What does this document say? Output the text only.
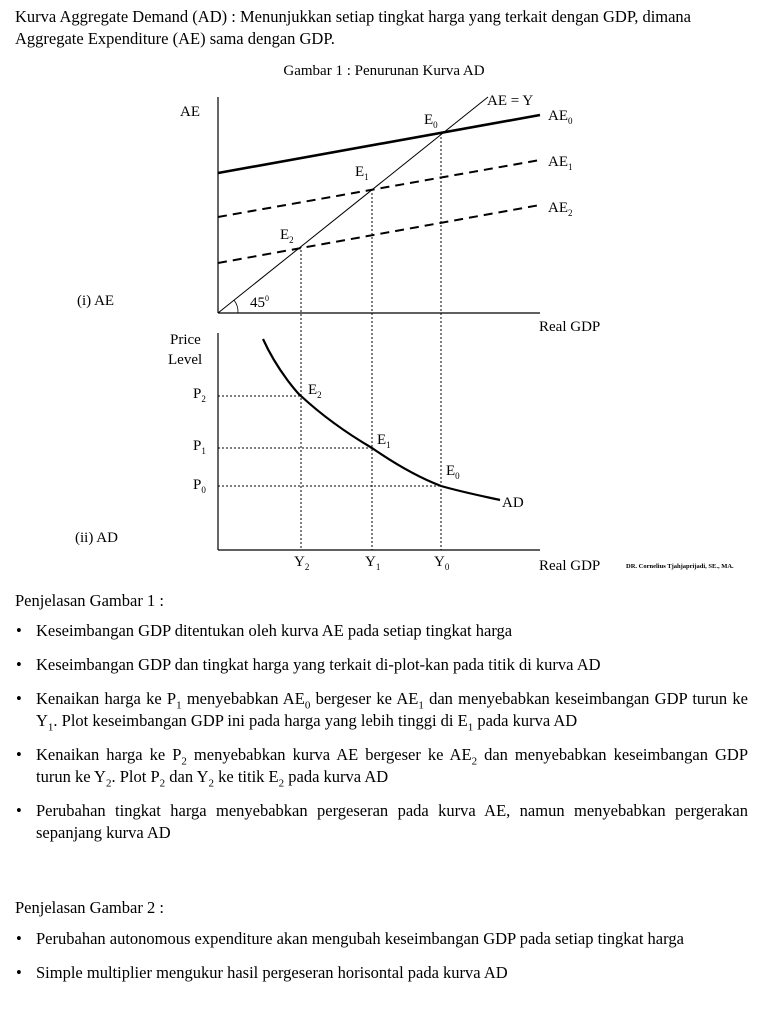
Kurva Aggregate Demand (AD) : Menunjukkan setiap tingkat harga yang terkait dengan GDP, dimana Aggregate Expenditure (AE) sama dengan GDP.

Gambar 1 : Penurunan Kurva AD

AE
Real GDP
(i) AE
AE = Y
$45^0$
$AE_0$
$AE_1$
$AE_2$
$E_0$
$E_1$
$E_2$
Price
Level
Real GDP
(ii) AD
AD
$P_2$
$P_1$
$P_0$
$Y_2$	$Y_1$	$Y_0$
$E_2$
$E_1$
$E_0$
DR. Cornelius Tjahjaprijadi, SE., MA.

Penjelasan Gambar 1 :

• Keseimbangan GDP ditentukan oleh kurva AE pada setiap tingkat harga
• Keseimbangan GDP dan tingkat harga yang terkait di-plot-kan pada titik di kurva AD
• Kenaikan harga ke $P_1$ menyebabkan $AE_0$ bergeser ke $AE_1$ dan menyebabkan keseimbangan GDP turun ke $Y_1$. Plot keseimbangan GDP ini pada harga yang lebih tinggi di $E_1$ pada kurva AD
• Kenaikan harga ke $P_2$ menyebabkan kurva AE bergeser ke $AE_2$ dan menyebabkan keseimbangan GDP turun ke $Y_2$. Plot $P_2$ dan $Y_2$ ke titik $E_2$ pada kurva AD
• Perubahan tingkat harga menyebabkan pergeseran pada kurva AE, namun menyebabkan pergerakan sepanjang kurva AD

Penjelasan Gambar 2 :

• Perubahan autonomous expenditure akan mengubah keseimbangan GDP pada setiap tingkat harga
• Simple multiplier mengukur hasil pergeseran horisontal pada kurva AD
